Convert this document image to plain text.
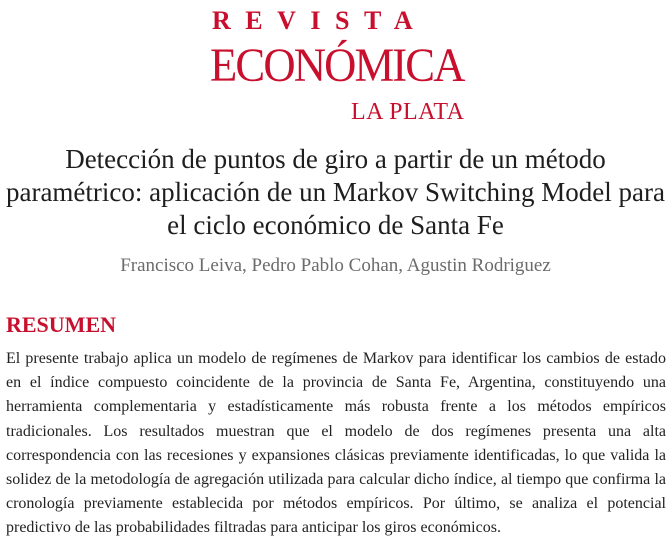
REVISTA
ECONÓMICA
LA PLATA
Detección de puntos de giro a partir de un método paramétrico: aplicación de un Markov Switching Model para el ciclo económico de Santa Fe
Francisco Leiva, Pedro Pablo Cohan, Agustin Rodriguez
RESUMEN
El presente trabajo aplica un modelo de regímenes de Markov para identificar los cambios de estado en el índice compuesto coincidente de la provincia de Santa Fe, Argentina, constituyendo una herramienta complementaria y estadísticamente más robusta frente a los métodos empíricos tradicionales. Los resultados muestran que el modelo de dos regímenes presenta una alta correspondencia con las recesiones y expansiones clásicas previamente identificadas, lo que valida la solidez de la metodología de agregación utilizada para calcular dicho índice, al tiempo que confirma la cronología previamente establecida por métodos empíricos. Por último, se analiza el potencial predictivo de las probabilidades filtradas para anticipar los giros económicos.
